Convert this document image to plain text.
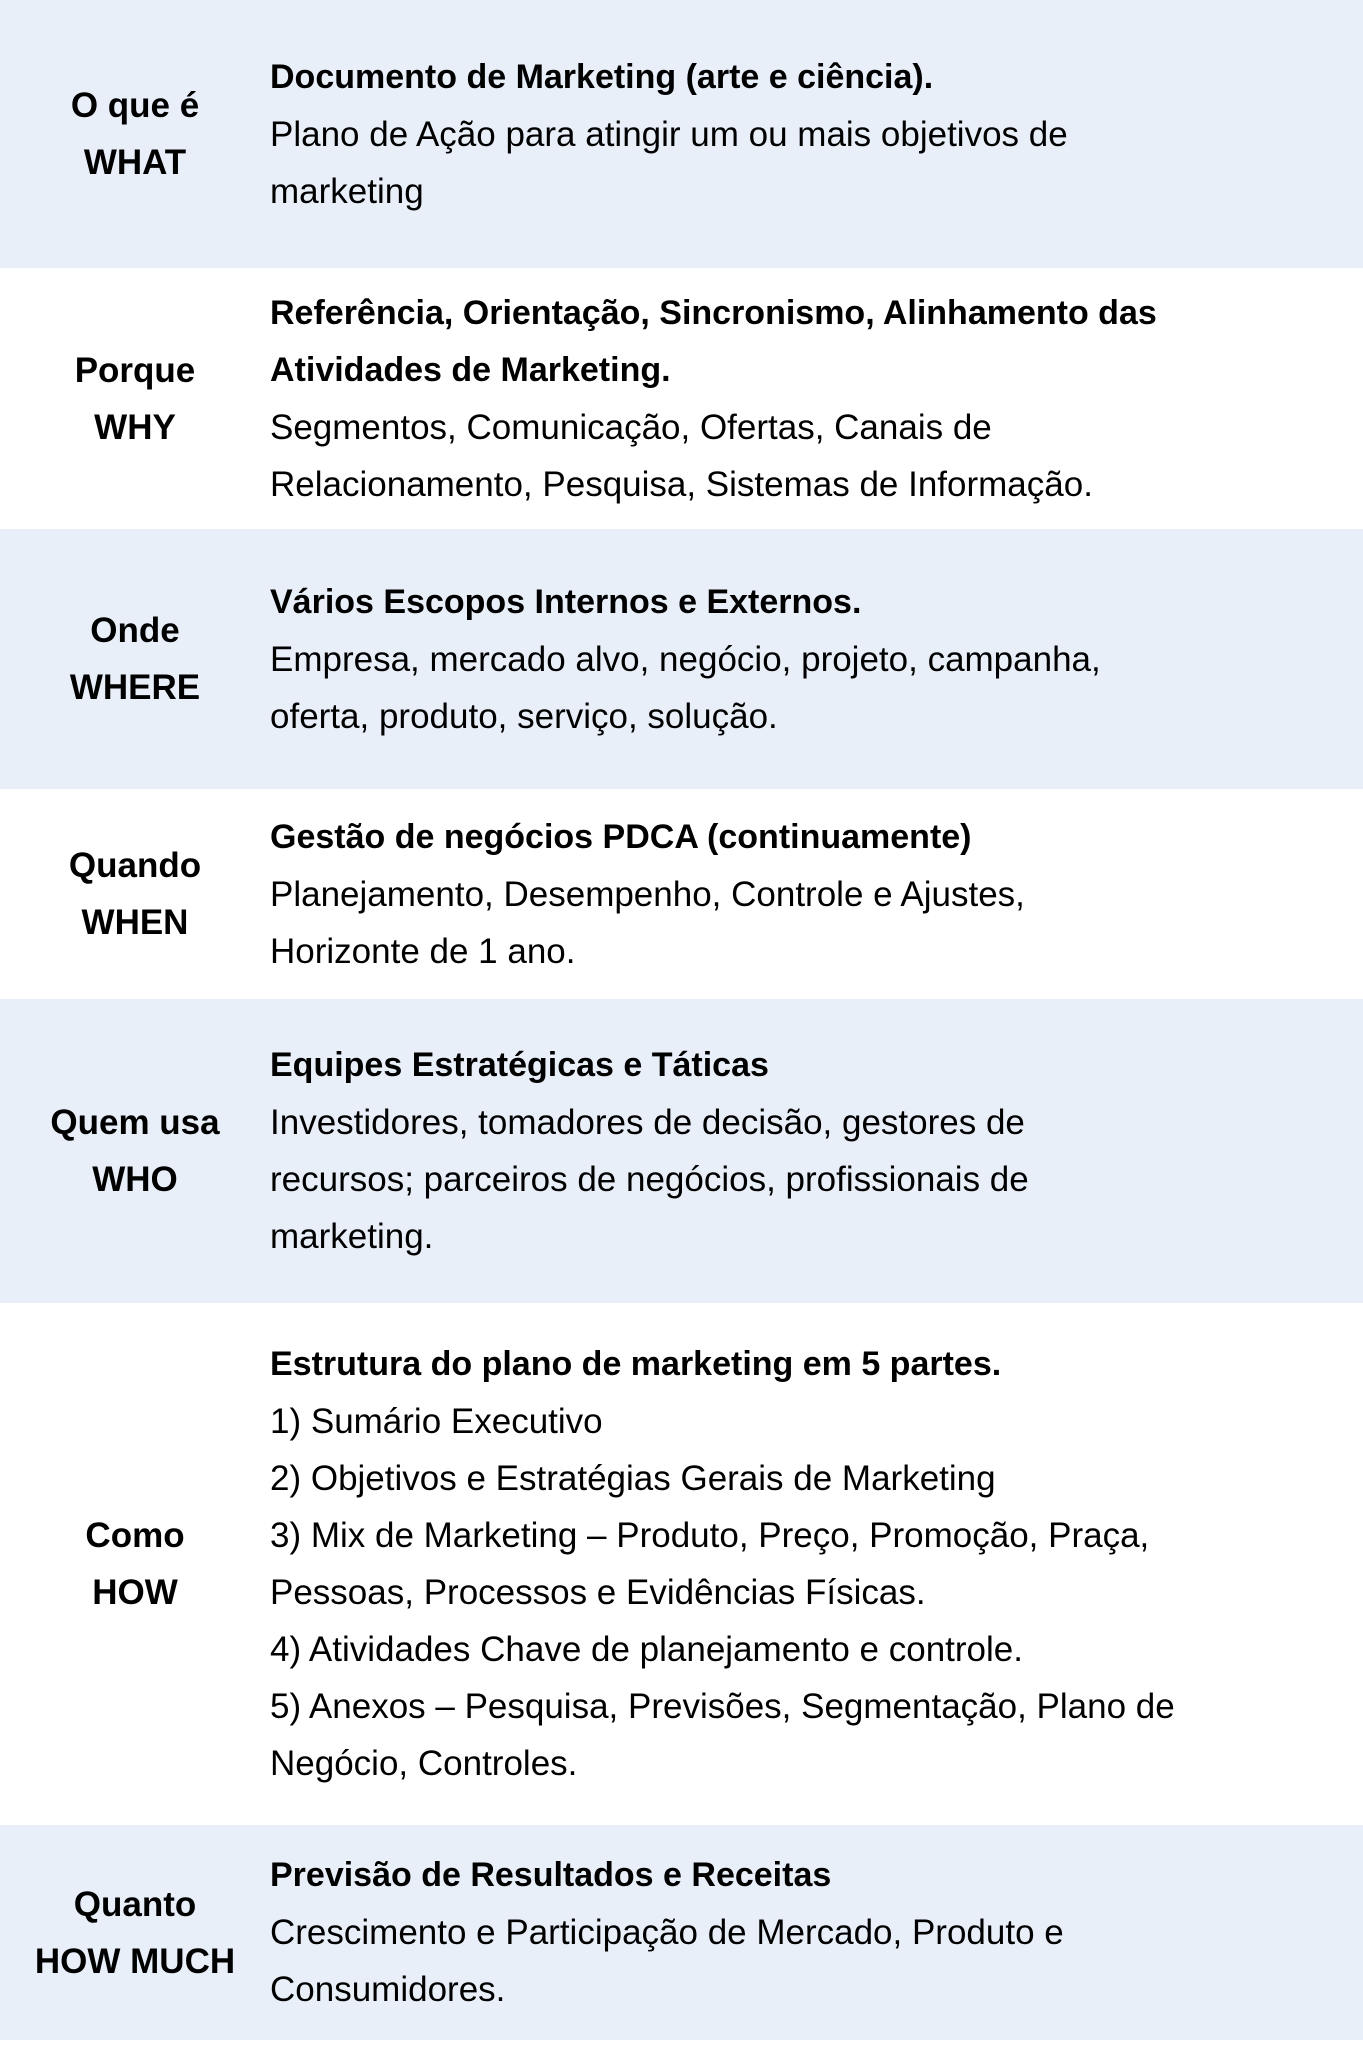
O que é
WHAT
Documento de Marketing (arte e ciência).
Plano de Ação para atingir um ou mais objetivos de
marketing
Porque
WHY
Referência, Orientação, Sincronismo, Alinhamento das
Atividades de Marketing.
Segmentos, Comunicação, Ofertas, Canais de
Relacionamento, Pesquisa, Sistemas de Informação.
Onde
WHERE
Vários Escopos Internos e Externos.
Empresa, mercado alvo, negócio, projeto, campanha,
oferta, produto, serviço, solução.
Quando
WHEN
Gestão de negócios PDCA (continuamente)
Planejamento, Desempenho, Controle e Ajustes,
Horizonte de 1 ano.
Quem usa
WHO
Equipes Estratégicas e Táticas
Investidores, tomadores de decisão, gestores de
recursos; parceiros de negócios, profissionais de
marketing.
Como
HOW
Estrutura do plano de marketing em 5 partes.
1) Sumário Executivo
2) Objetivos e Estratégias Gerais de Marketing
3) Mix de Marketing – Produto, Preço, Promoção, Praça,
Pessoas, Processos e Evidências Físicas.
4) Atividades Chave de planejamento e controle.
5) Anexos – Pesquisa, Previsões, Segmentação, Plano de
Negócio, Controles.
Quanto
HOW MUCH
Previsão de Resultados e Receitas
Crescimento e Participação de Mercado, Produto e
Consumidores.
